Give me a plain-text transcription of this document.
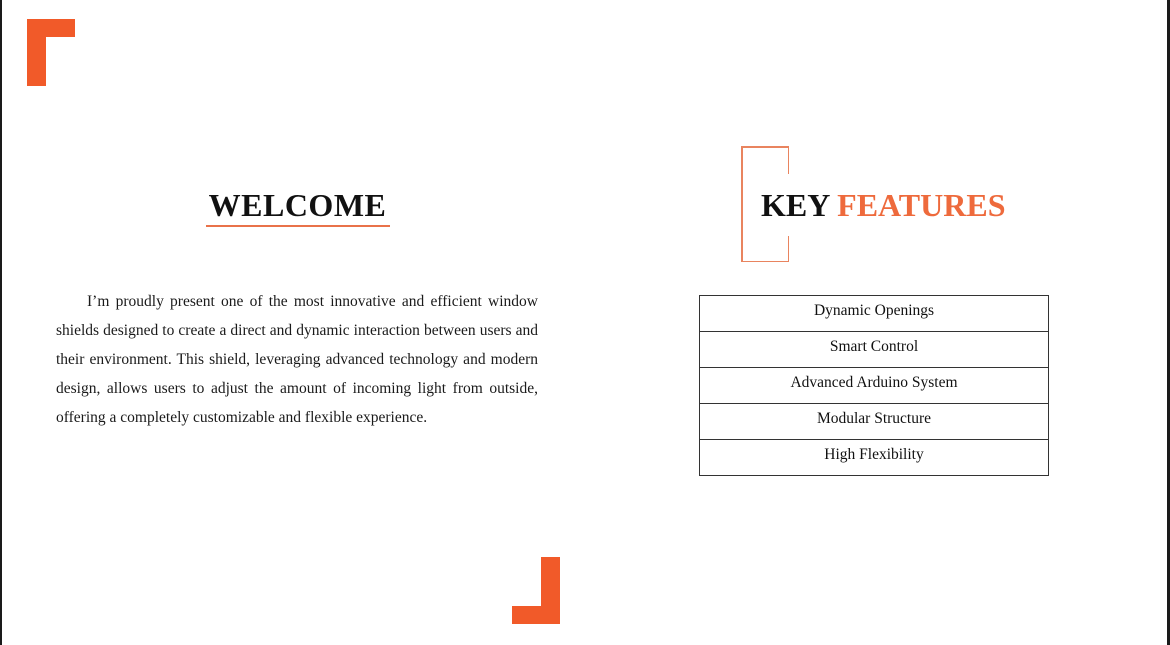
WELCOME

I’m proudly present one of the most innovative and efficient window shields designed to create a direct and dynamic interaction between users and their environment. This shield, leveraging advanced technology and modern design, allows users to adjust the amount of incoming light from outside, offering a completely customizable and flexible experience.

KEY FEATURES
Dynamic Openings
Smart Control
Advanced Arduino System
Modular Structure
High Flexibility
